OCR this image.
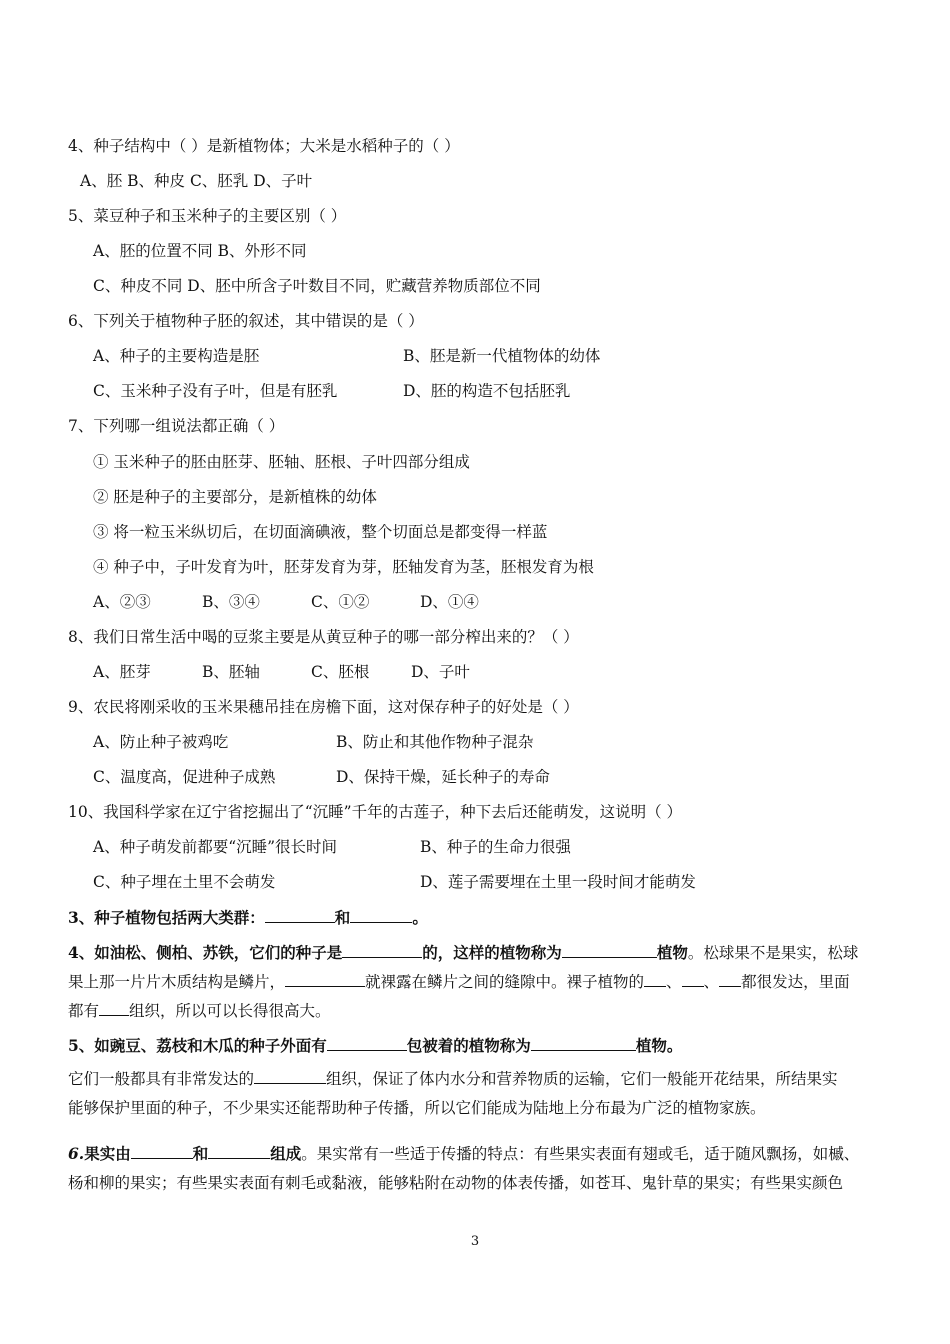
4、种子结构中（ ）是新植物体；大米是水稻种子的（ ）
A、胚 B、种皮 C、胚乳 D、子叶
5、菜豆种子和玉米种子的主要区别（ ）
A、胚的位置不同 B、外形不同
C、种皮不同 D、胚中所含子叶数目不同，贮藏营养物质部位不同
6、下列关于植物种子胚的叙述，其中错误的是（ ）
A、种子的主要构造是胚	B、胚是新一代植物体的幼体
C、玉米种子没有子叶，但是有胚乳	D、胚的构造不包括胚乳
7、下列哪一组说法都正确（ ）
① 玉米种子的胚由胚芽、胚轴、胚根、子叶四部分组成
② 胚是种子的主要部分，是新植株的幼体
③ 将一粒玉米纵切后，在切面滴碘液，整个切面总是都变得一样蓝
④ 种子中，子叶发育为叶，胚芽发育为芽，胚轴发育为茎，胚根发育为根
A、②③	B、③④	C、①②	D、①④
8、我们日常生活中喝的豆浆主要是从黄豆种子的哪一部分榨出来的？（ ）
A、胚芽	B、胚轴	C、胚根	D、子叶
9、农民将刚采收的玉米果穗吊挂在房檐下面，这对保存种子的好处是（ ）
A、防止种子被鸡吃	B、防止和其他作物种子混杂
C、温度高，促进种子成熟	D、保持干燥，延长种子的寿命
10、我国科学家在辽宁省挖掘出了“沉睡”千年的古莲子，种下去后还能萌发，这说明（ ）
A、种子萌发前都要“沉睡”很长时间	B、种子的生命力很强
C、种子埋在土里不会萌发	D、莲子需要埋在土里一段时间才能萌发
3、种子植物包括两大类群：	和	。
4、如油松、侧柏、苏铁，它们的种子是	的，这样的植物称为	植物。松球果不是果实，松球
果上那一片片木质结构是鳞片，	就裸露在鳞片之间的缝隙中。裸子植物的 、 、 都很发达，里面
都有 组织，所以可以长得很高大。
5、如豌豆、荔枝和木瓜的种子外面有	包被着的植物称为	植物。
它们一般都具有非常发达的	组织，保证了体内水分和营养物质的运输，它们一般能开花结果，所结果实
能够保护里面的种子，不少果实还能帮助种子传播，所以它们能成为陆地上分布最为广泛的植物家族。
6.果实由	和	组成。果实常有一些适于传播的特点：有些果实表面有翅或毛，适于随风飘扬，如槭、
杨和柳的果实；有些果实表面有刺毛或黏液，能够粘附在动物的体表传播，如苍耳、鬼针草的果实；有些果实颜色
3
